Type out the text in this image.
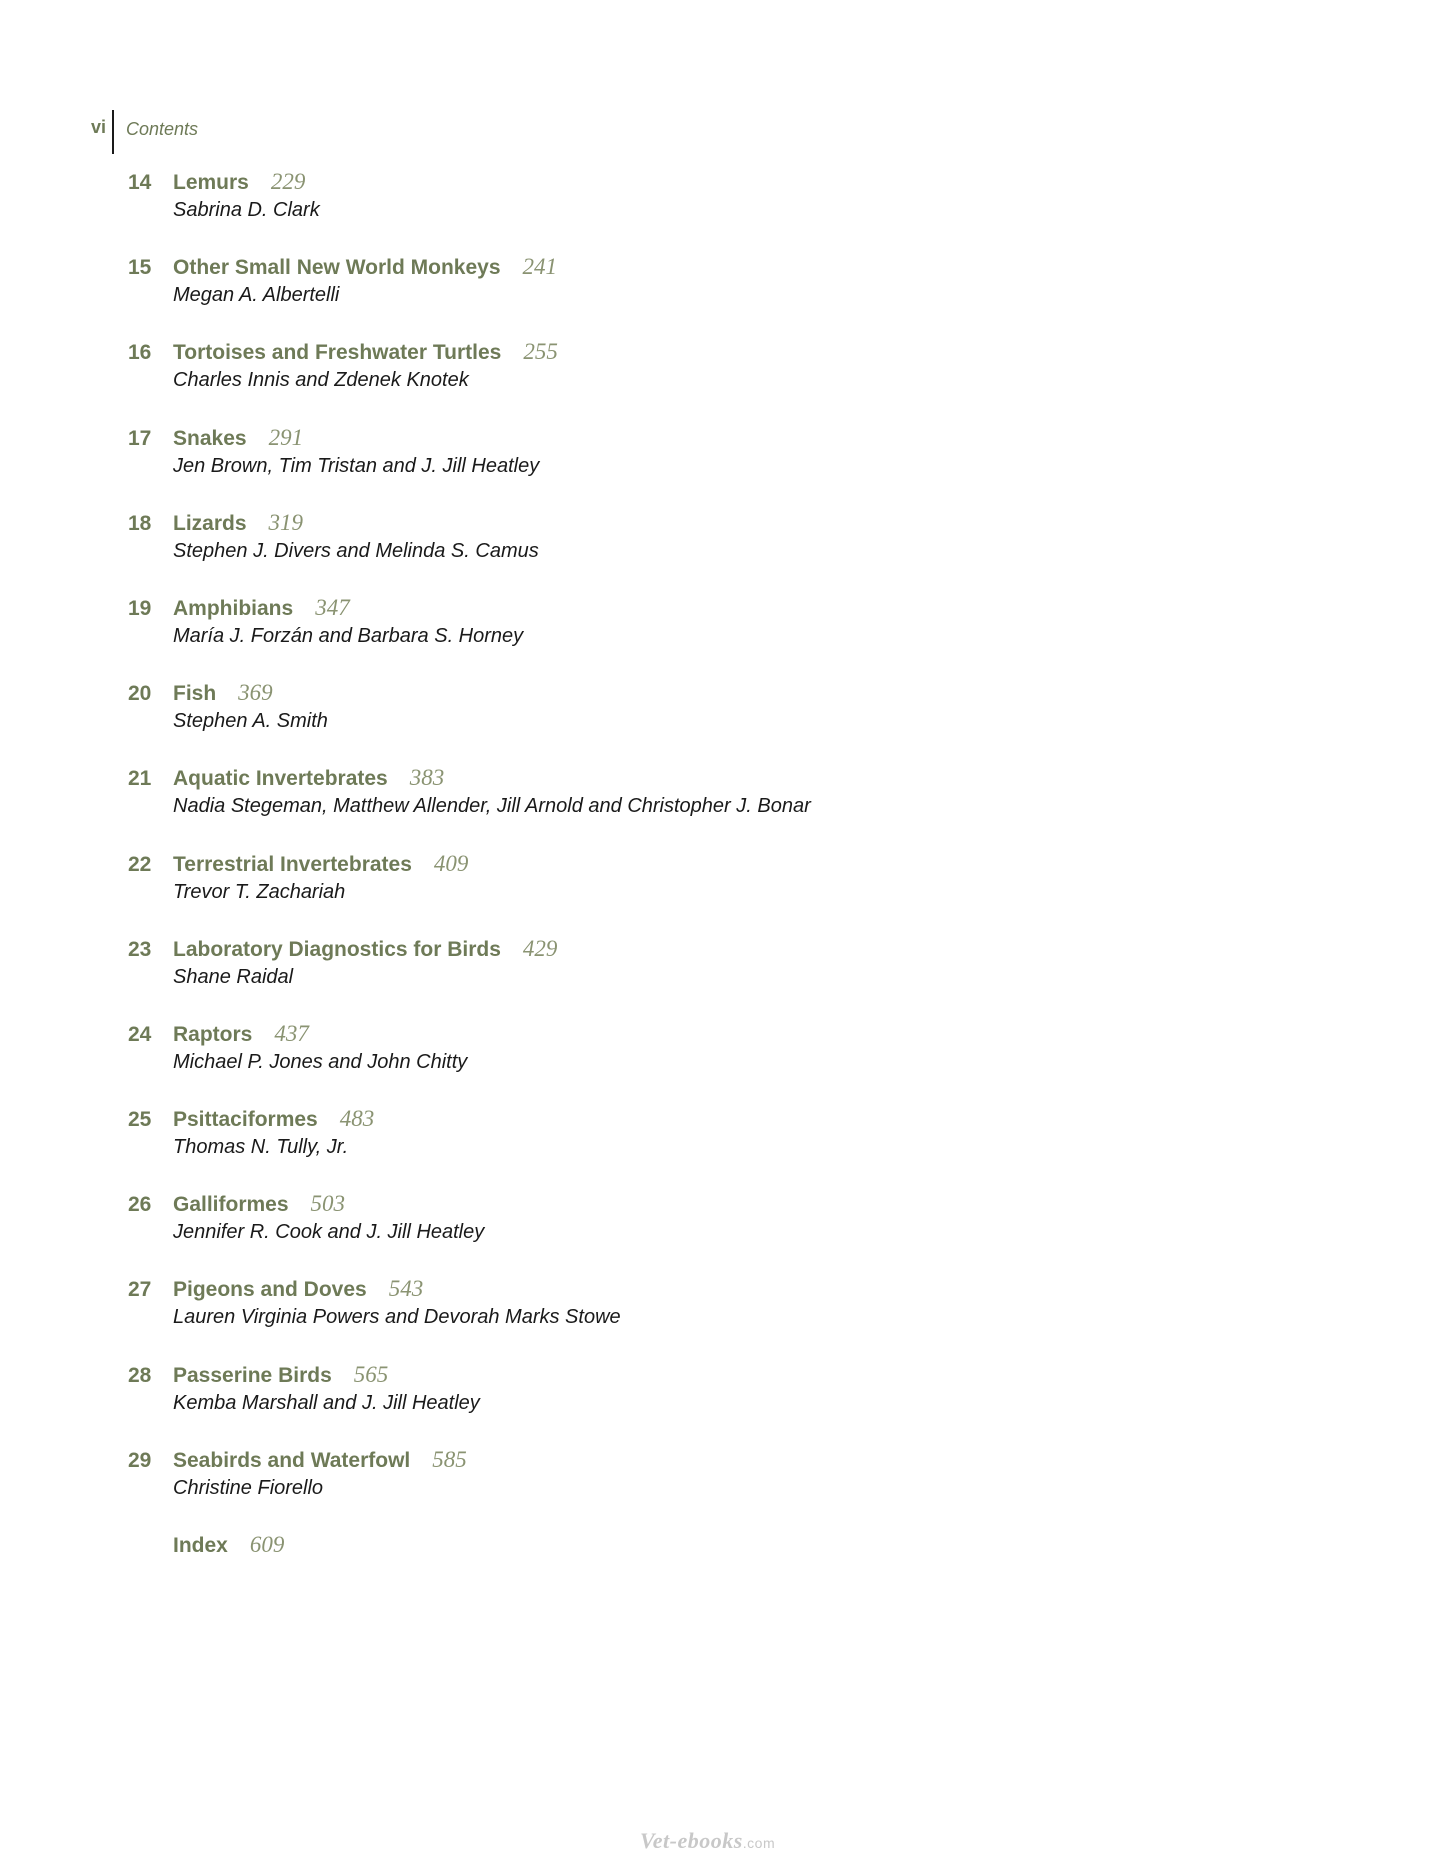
vi	Contents
14	Lemurs 229
Sabrina D. Clark
15	Other Small New World Monkeys 241
Megan A. Albertelli
16	Tortoises and Freshwater Turtles 255
Charles Innis and Zdenek Knotek
17	Snakes 291
Jen Brown, Tim Tristan and J. Jill Heatley
18	Lizards 319
Stephen J. Divers and Melinda S. Camus
19	Amphibians 347
María J. Forzán and Barbara S. Horney
20	Fish 369
Stephen A. Smith
21	Aquatic Invertebrates 383
Nadia Stegeman, Matthew Allender, Jill Arnold and Christopher J. Bonar
22	Terrestrial Invertebrates 409
Trevor T. Zachariah
23	Laboratory Diagnostics for Birds 429
Shane Raidal
24	Raptors 437
Michael P. Jones and John Chitty
25	Psittaciformes 483
Thomas N. Tully, Jr.
26	Galliformes 503
Jennifer R. Cook and J. Jill Heatley
27	Pigeons and Doves 543
Lauren Virginia Powers and Devorah Marks Stowe
28	Passerine Birds 565
Kemba Marshall and J. Jill Heatley
29	Seabirds and Waterfowl 585
Christine Fiorello
Index 609
Vet-ebooks.com
